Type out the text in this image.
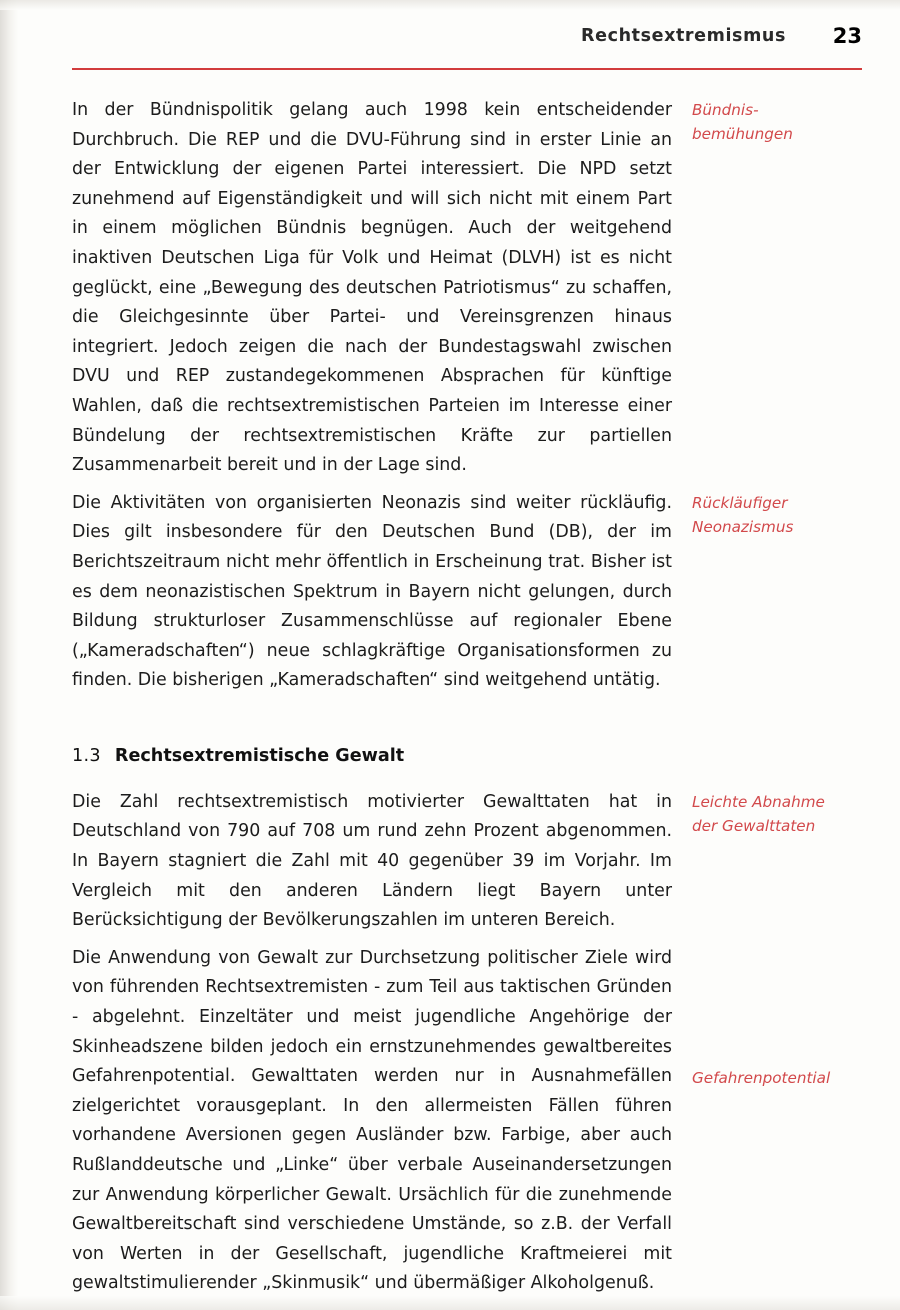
Rechtsextremismus 23

In der Bündnispolitik gelang auch 1998 kein entscheidender Durchbruch. Die REP und die DVU-Führung sind in erster Linie an der Entwicklung der eigenen Partei interessiert. Die NPD setzt zunehmend auf Eigenständigkeit und will sich nicht mit einem Part in einem möglichen Bündnis begnügen. Auch der weitgehend inaktiven Deutschen Liga für Volk und Heimat (DLVH) ist es nicht geglückt, eine „Bewegung des deutschen Patriotismus“ zu schaffen, die Gleichgesinnte über Partei- und Vereinsgrenzen hinaus integriert. Jedoch zeigen die nach der Bundestagswahl zwischen DVU und REP zustandegekommenen Absprachen für künftige Wahlen, daß die rechtsextremistischen Parteien im Interesse einer Bündelung der rechtsextremistischen Kräfte zur partiellen Zusammenarbeit bereit und in der Lage sind.

Bündnis-
bemühungen

Die Aktivitäten von organisierten Neonazis sind weiter rückläufig. Dies gilt insbesondere für den Deutschen Bund (DB), der im Berichtszeitraum nicht mehr öffentlich in Erscheinung trat. Bisher ist es dem neonazistischen Spektrum in Bayern nicht gelungen, durch Bildung strukturloser Zusammenschlüsse auf regionaler Ebene („Kameradschaften“) neue schlagkräftige Organisationsformen zu finden. Die bisherigen „Kameradschaften“ sind weitgehend untätig.

Rückläufiger
Neonazismus
1.3 Rechtsextremistische Gewalt

Die Zahl rechtsextremistisch motivierter Gewalttaten hat in Deutschland von 790 auf 708 um rund zehn Prozent abgenommen. In Bayern stagniert die Zahl mit 40 gegenüber 39 im Vorjahr. Im Vergleich mit den anderen Ländern liegt Bayern unter Berücksichtigung der Bevölkerungszahlen im unteren Bereich.

Leichte Abnahme
der Gewalttaten

Die Anwendung von Gewalt zur Durchsetzung politischer Ziele wird von führenden Rechtsextremisten - zum Teil aus taktischen Gründen - abgelehnt. Einzeltäter und meist jugendliche Angehörige der Skinheadszene bilden jedoch ein ernstzunehmendes gewaltbereites Gefahrenpotential. Gewalttaten werden nur in Ausnahmefällen zielgerichtet vorausgeplant. In den allermeisten Fällen führen vorhandene Aversionen gegen Ausländer bzw. Farbige, aber auch Rußlanddeutsche und „Linke“ über verbale Auseinandersetzungen zur Anwendung körperlicher Gewalt. Ursächlich für die zunehmende Gewaltbereitschaft sind verschiedene Umstände, so z.B. der Verfall von Werten in der Gesellschaft, jugendliche Kraftmeierei mit gewaltstimulierender „Skinmusik“ und übermäßiger Alkoholgenuß.

Gefahrenpotential
